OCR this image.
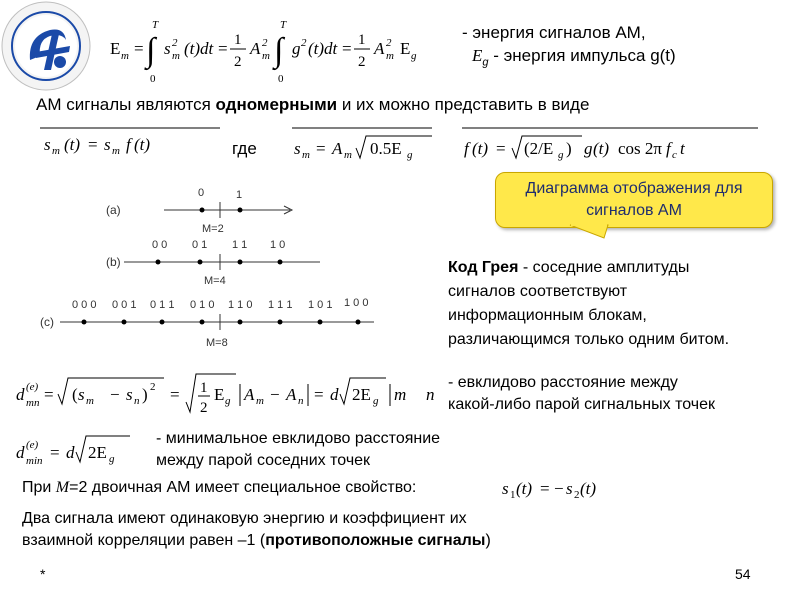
E m = ∫
T
0
s 2
m (t)dt = 1
2
A 2
m ∫
T
0
g 2 (t)dt = 1
2
A 2
m E g
- энергия сигналов АМ,
$E_g$ - энергия импульса g(t)
АМ сигналы являются одномерными и их можно представить в виде
s m (t) = s m f (t)	где s m = A m 0.5E g	f (t) = (2/E g ) g (t) cos 2π f c t
Диаграмма отображения для сигналов АМ
(a)
0	1
M=2
(b)
0 0 0 1 1 1 1 0
M=4
(c)
0 0 0 0 0 1 0 1 1 0 1 0 1 1 0 1 1 1 1 0 1 1 0 0
M=8
Код Грея - соседние амплитуды
сигналов соответствуют
информационным блокам,
различающимся только одним битом.
d (e)
mn = ( s m − s n ) 2 = 1
2
E g A m − A n = d 2E g m n
- евклидово расстояние между
какой-либо парой сигнальных точек
d (e)
min = d 2E g
- минимальное евклидово расстояние
между парой соседних точек
При M=2 двоичная АМ имеет специальное свойство:	s 1 (t) = − s 2 (t)
Два сигнала имеют одинаковую энергию и коэффициент их
взаимной корреляции равен –1 (противоположные сигналы)
*	54
